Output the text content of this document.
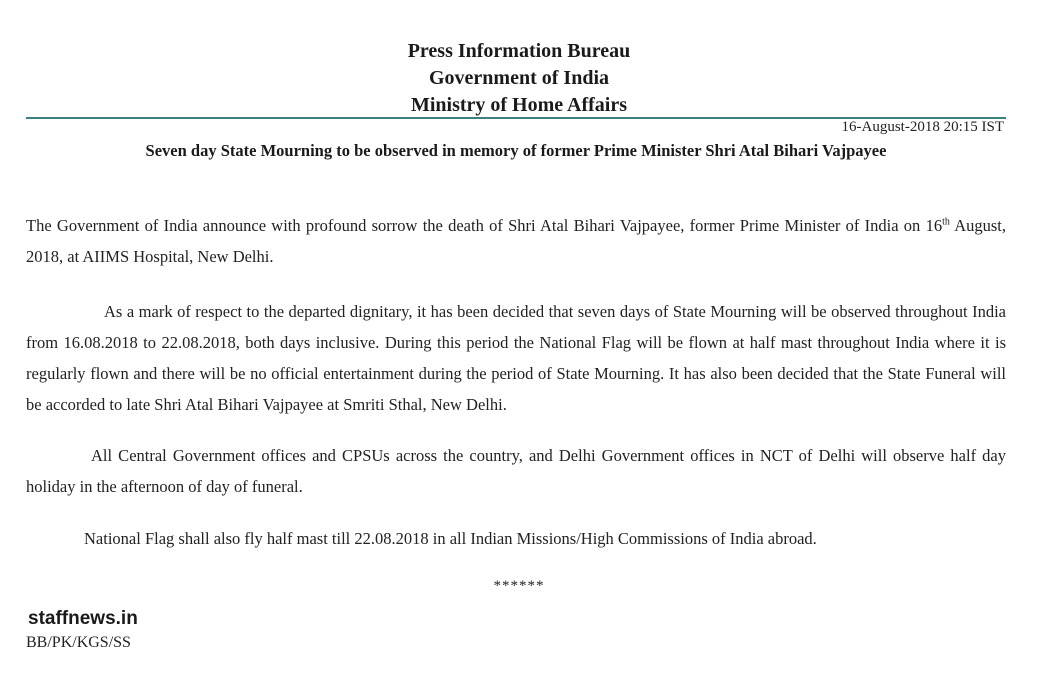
Press Information Bureau
Government of India
Ministry of Home Affairs
16-August-2018 20:15 IST
Seven day State Mourning to be observed in memory of former Prime Minister Shri Atal Bihari Vajpayee

The Government of India announce with profound sorrow the death of Shri Atal Bihari Vajpayee, former Prime Minister of India on 16th August, 2018, at AIIMS Hospital, New Delhi.

As a mark of respect to the departed dignitary, it has been decided that seven days of State Mourning will be observed throughout India from 16.08.2018 to 22.08.2018, both days inclusive. During this period the National Flag will be flown at half mast throughout India where it is regularly flown and there will be no official entertainment during the period of State Mourning. It has also been decided that the State Funeral will be accorded to late Shri Atal Bihari Vajpayee at Smriti Sthal, New Delhi.

All Central Government offices and CPSUs across the country, and Delhi Government offices in NCT of Delhi will observe half day holiday in the afternoon of day of funeral.

National Flag shall also fly half mast till 22.08.2018 in all Indian Missions/High Commissions of India abroad.

******
staffnews.in
BB/PK/KGS/SS
